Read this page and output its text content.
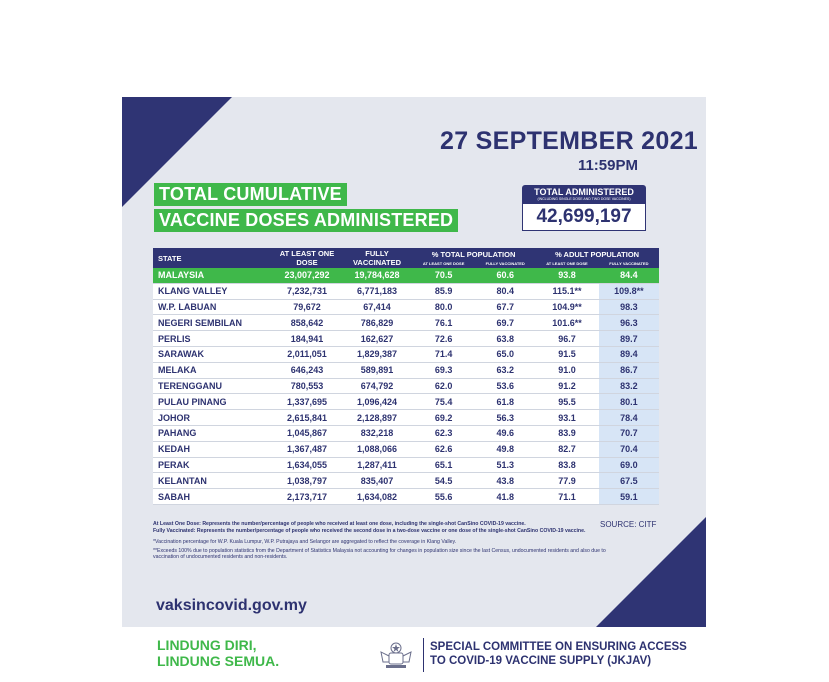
27 SEPTEMBER 2021
11:59PM
TOTAL CUMULATIVE
VACCINE DOSES ADMINISTERED
TOTAL ADMINISTERED
(INCLUDING SINGLE DOSE AND TWO DOSE VACCINES)
42,699,197
STATE	AT LEAST ONE DOSE	FULLY VACCINATED	% TOTAL POPULATION		% ADULT POPULATION	
			AT LEAST ONE DOSE	FULLY VACCINATED	AT LEAST ONE DOSE	FULLY VACCINATED
MALAYSIA	23,007,292	19,784,628	70.5	60.6	93.8	84.4
KLANG VALLEY	7,232,731	6,771,183	85.9	80.4	115.1**	109.8**
W.P. LABUAN	79,672	67,414	80.0	67.7	104.9**	98.3
NEGERI SEMBILAN	858,642	786,829	76.1	69.7	101.6**	96.3
PERLIS	184,941	162,627	72.6	63.8	96.7	89.7
SARAWAK	2,011,051	1,829,387	71.4	65.0	91.5	89.4
MELAKA	646,243	589,891	69.3	63.2	91.0	86.7
TERENGGANU	780,553	674,792	62.0	53.6	91.2	83.2
PULAU PINANG	1,337,695	1,096,424	75.4	61.8	95.5	80.1
JOHOR	2,615,841	2,128,897	69.2	56.3	93.1	78.4
PAHANG	1,045,867	832,218	62.3	49.6	83.9	70.7
KEDAH	1,367,487	1,088,066	62.6	49.8	82.7	70.4
PERAK	1,634,055	1,287,411	65.1	51.3	83.8	69.0
KELANTAN	1,038,797	835,407	54.5	43.8	77.9	67.5
SABAH	2,173,717	1,634,082	55.6	41.8	71.1	59.1
SOURCE: CITF

At Least One Dose: Represents the number/percentage of people who received at least one dose, including the single-shot CanSino COVID-19 vaccine.
Fully Vaccinated: Represents the number/percentage of people who received the second dose in a two-dose vaccine or one dose of the single-shot CanSino COVID-19 vaccine.

*Vaccination percentage for W.P. Kuala Lumpur, W.P. Putrajaya and Selangor are aggregated to reflect the coverage in Klang Valley.

**Exceeds 100% due to population statistics from the Department of Statistics Malaysia not accounting for changes in population size since the last Census, undocumented residents and also due to vaccination of undocumented residents and non-residents.

vaksincovid.gov.my
LINDUNG DIRI,
LINDUNG SEMUA.
SPECIAL COMMITTEE ON ENSURING ACCESS
TO COVID-19 VACCINE SUPPLY (JKJAV)
